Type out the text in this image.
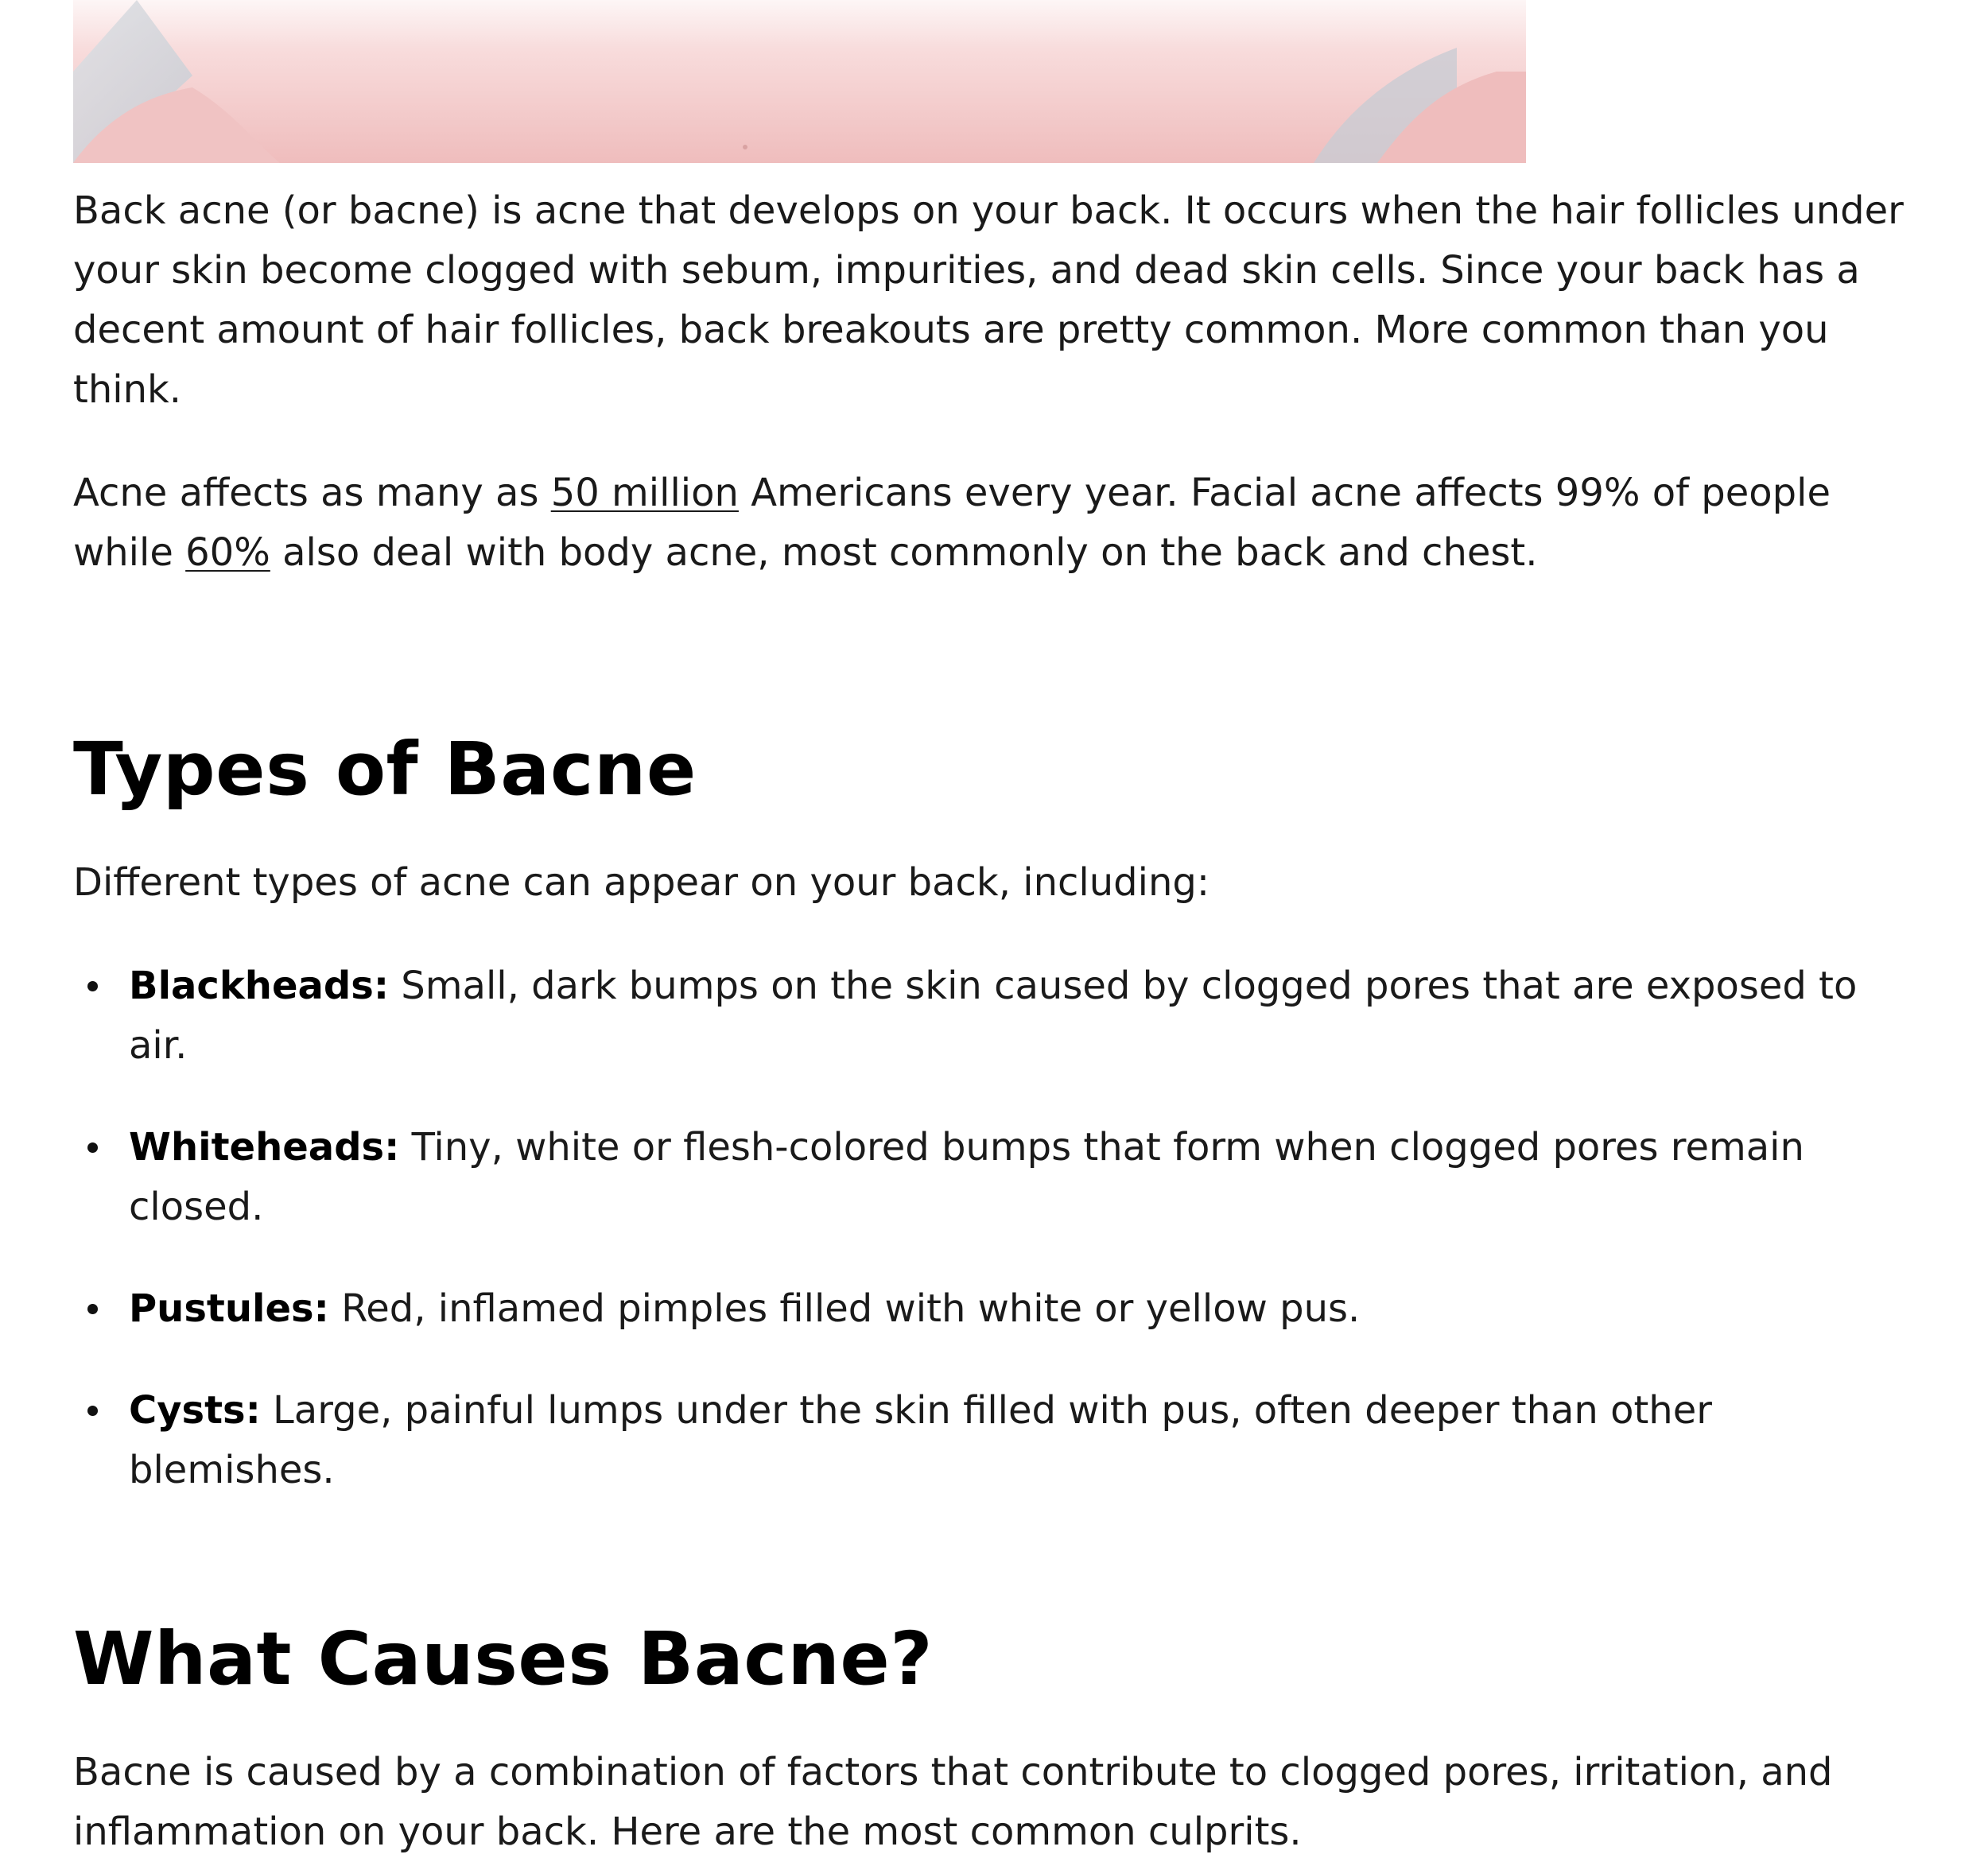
Back acne (or bacne) is acne that develops on your back. It occurs when the hair follicles under your skin become clogged with sebum, impurities, and dead skin cells. Since your back has a decent amount of hair follicles, back breakouts are pretty common. More common than you think.

Acne affects as many as 50 million Americans every year. Facial acne affects 99% of people while 60% also deal with body acne, most commonly on the back and chest.

Types of Bacne

Different types of acne can appear on your back, including:

Blackheads: Small, dark bumps on the skin caused by clogged pores that are exposed to air.
Whiteheads: Tiny, white or flesh-colored bumps that form when clogged pores remain closed.
Pustules: Red, inflamed pimples filled with white or yellow pus.
Cysts: Large, painful lumps under the skin filled with pus, often deeper than other blemishes.
What Causes Bacne?

Bacne is caused by a combination of factors that contribute to clogged pores, irritation, and inflammation on your back. Here are the most common culprits.
